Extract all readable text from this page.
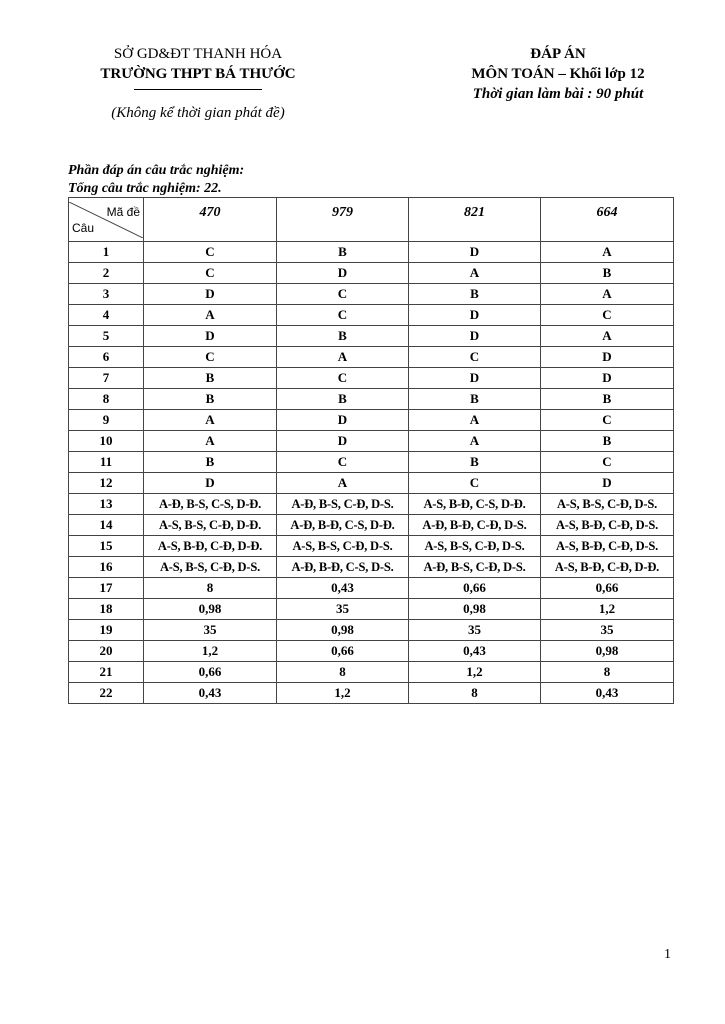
SỞ GD&ĐT THANH HÓA
TRƯỜNG THPT BÁ THƯỚC
(Không kể thời gian phát đề)
ĐÁP ÁN
MÔN TOÁN – Khối lớp 12
Thời gian làm bài : 90 phút
Phần đáp án câu trắc nghiệm:
Tổng câu trắc nghiệm: 22.
Mã đề
Câu	470	979	821	664
1	C	B	D	A
2	C	D	A	B
3	D	C	B	A
4	A	C	D	C
5	D	B	D	A
6	C	A	C	D
7	B	C	D	D
8	B	B	B	B
9	A	D	A	C
10	A	D	A	B
11	B	C	B	C
12	D	A	C	D
13	A-Đ, B-S, C-S, D-Đ.	A-Đ, B-S, C-Đ, D-S.	A-S, B-Đ, C-S, D-Đ.	A-S, B-S, C-Đ, D-S.
14	A-S, B-S, C-Đ, D-Đ.	A-Đ, B-Đ, C-S, D-Đ.	A-Đ, B-Đ, C-Đ, D-S.	A-S, B-Đ, C-Đ, D-S.
15	A-S, B-Đ, C-Đ, D-Đ.	A-S, B-S, C-Đ, D-S.	A-S, B-S, C-Đ, D-S.	A-S, B-Đ, C-Đ, D-S.
16	A-S, B-S, C-Đ, D-S.	A-Đ, B-Đ, C-S, D-S.	A-Đ, B-S, C-Đ, D-S.	A-S, B-Đ, C-Đ, D-Đ.
17	8	0,43	0,66	0,66
18	0,98	35	0,98	1,2
19	35	0,98	35	35
20	1,2	0,66	0,43	0,98
21	0,66	8	1,2	8
22	0,43	1,2	8	0,43
1
